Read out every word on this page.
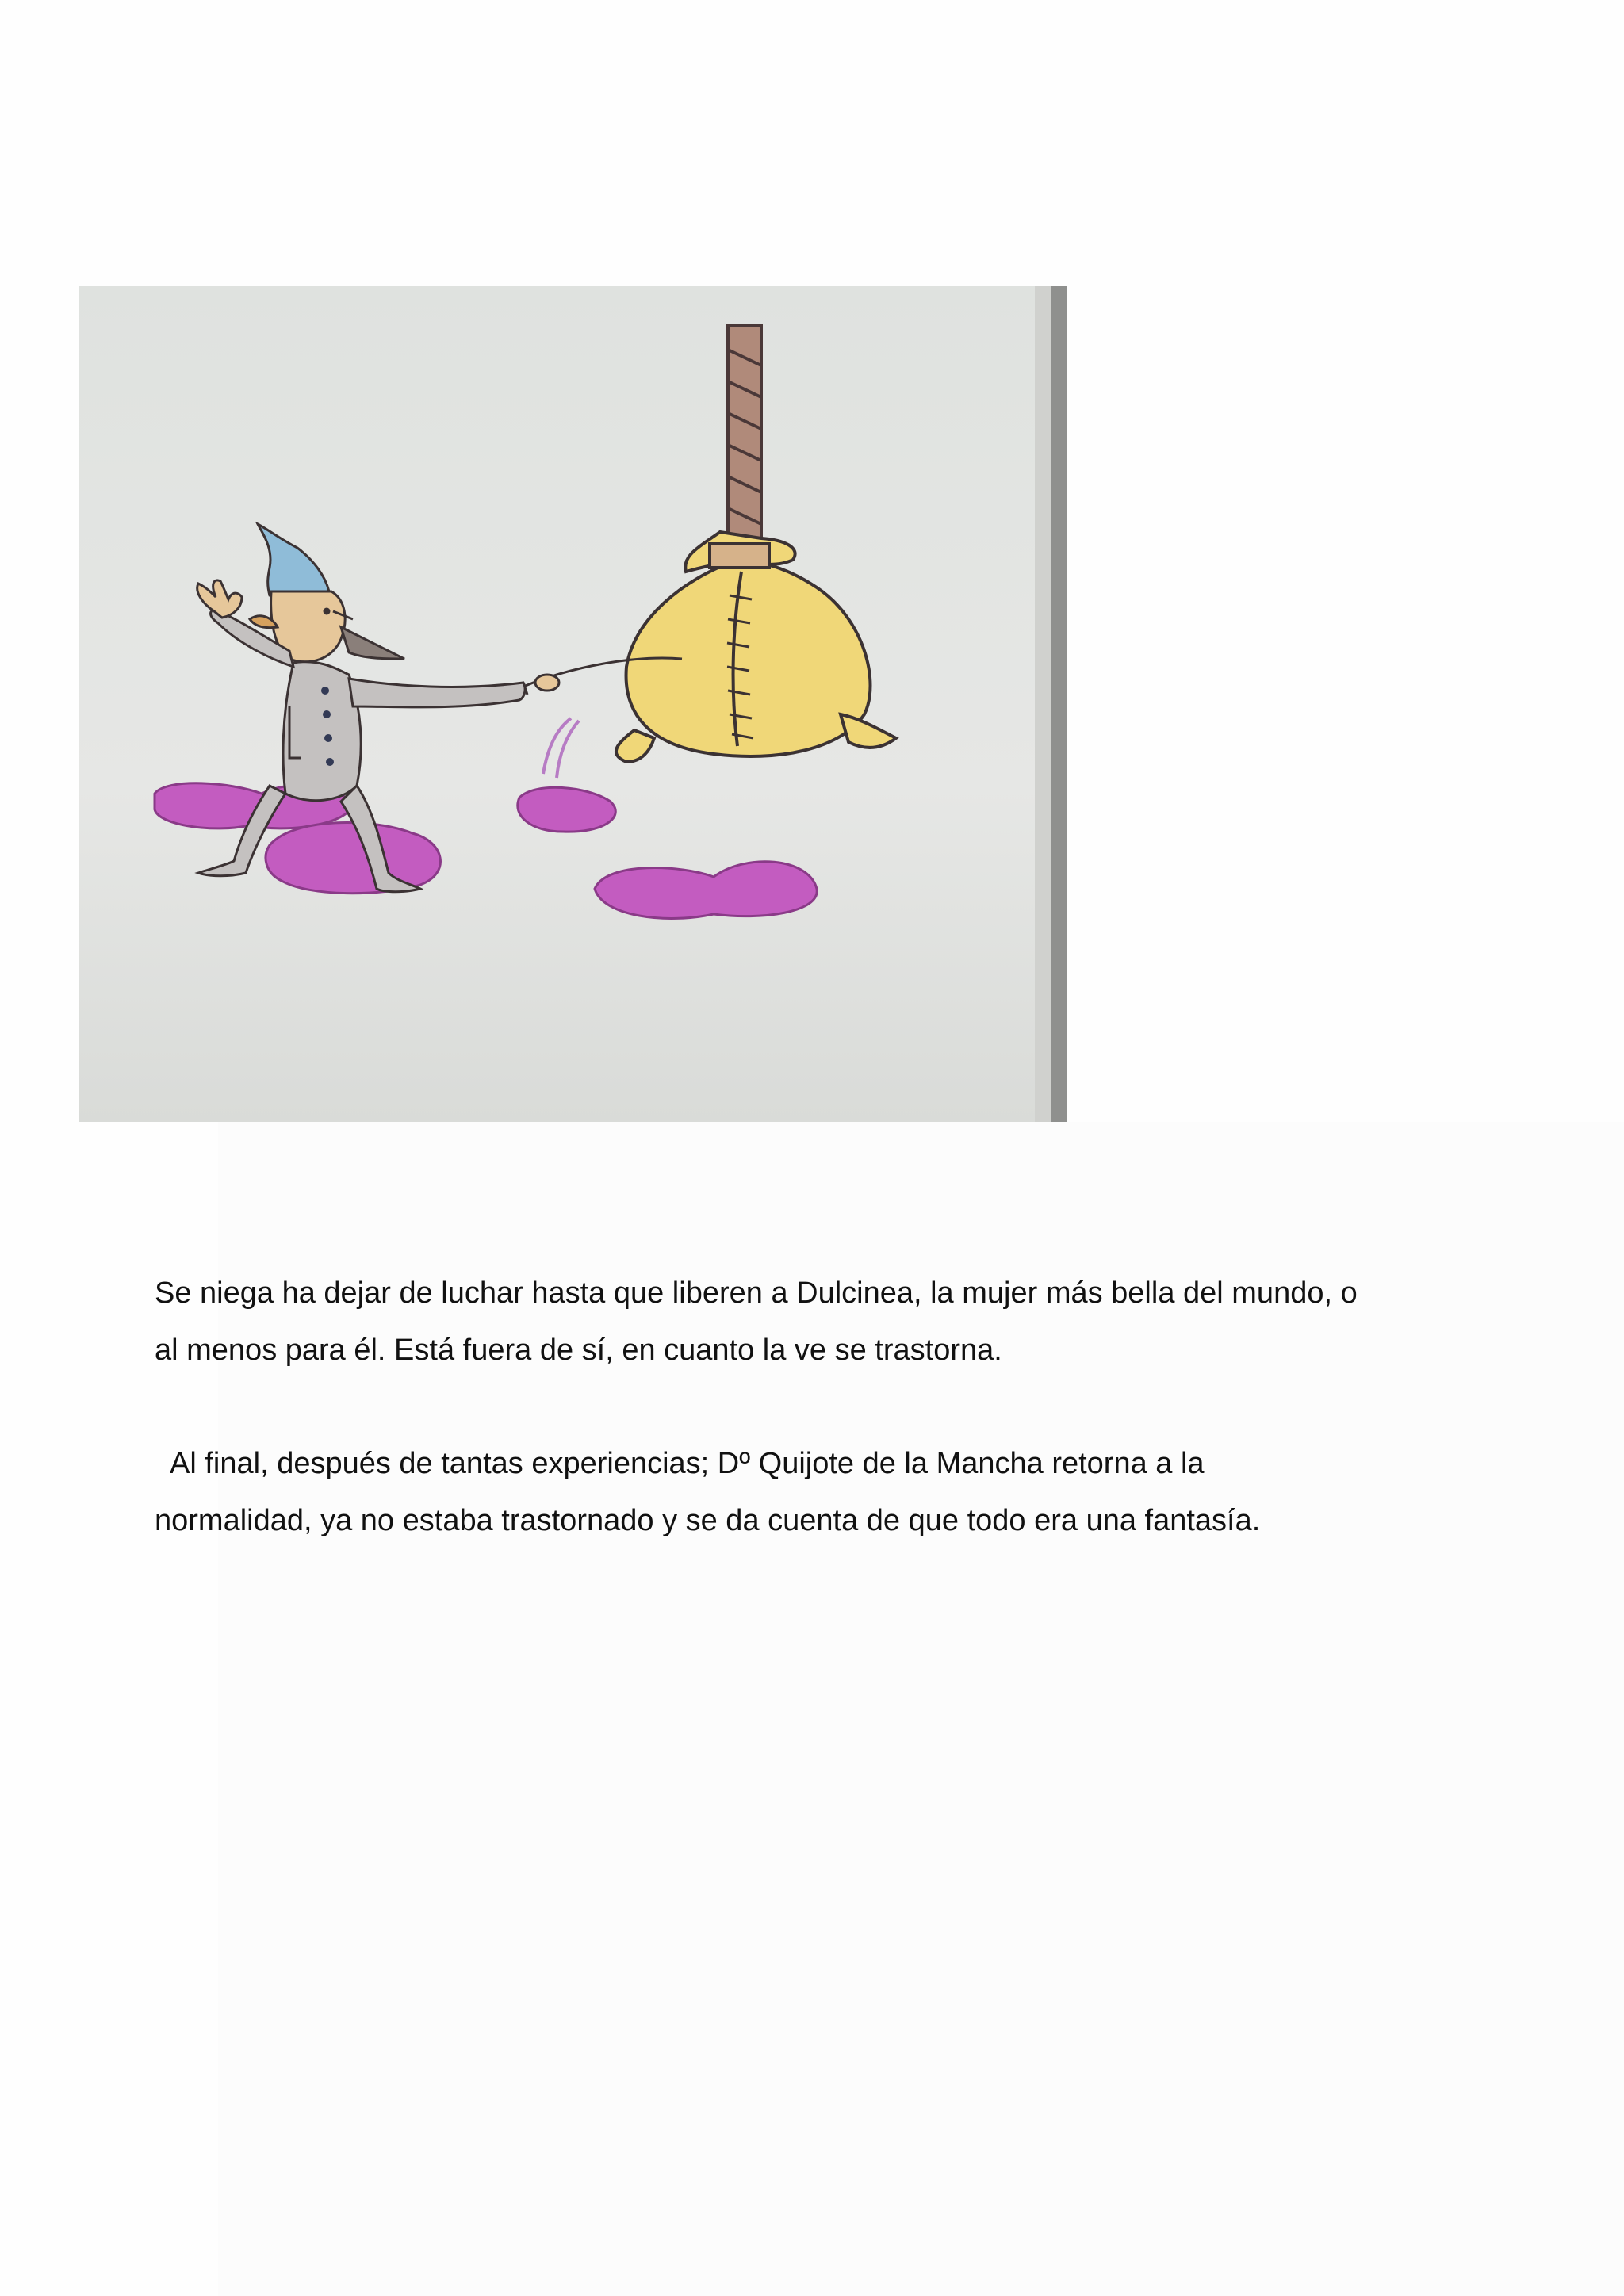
Se niega ha dejar de luchar hasta que liberen a Dulcinea, la mujer más bella del mundo, o

al menos para él. Está fuera de sí, en cuanto la ve se trastorna.

Al final, después de tantas experiencias; Dº Quijote de la Mancha retorna a la

normalidad, ya no estaba trastornado y se da cuenta de que todo era una fantasía.
